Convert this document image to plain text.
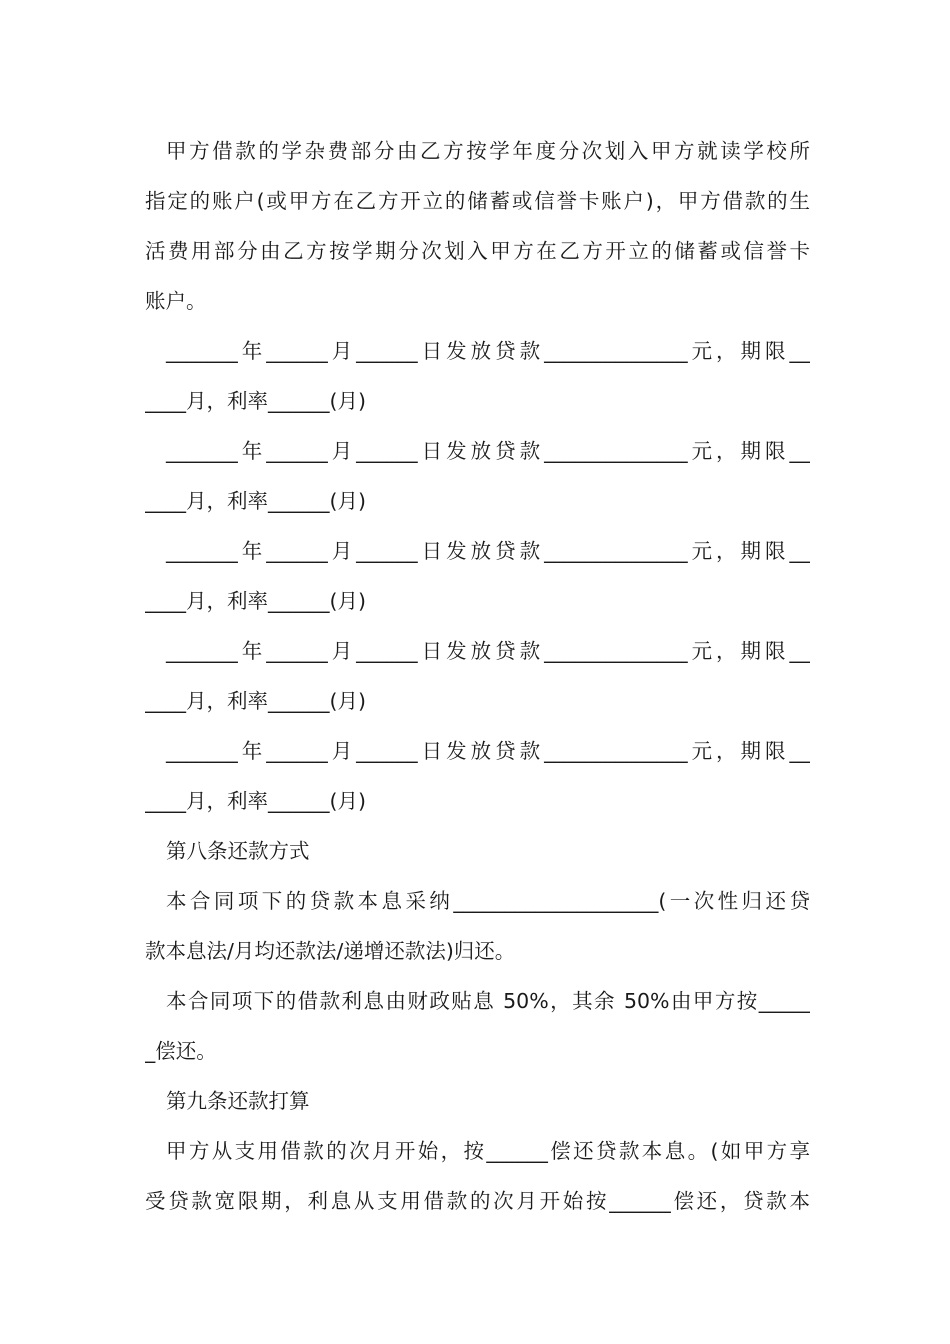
甲方借款的学杂费部分由乙方按学年度分次划入甲方就读学校所
指定的账户(或甲方在乙方开立的储蓄或信誉卡账户)，甲方借款的生
活费用部分由乙方按学期分次划入甲方在乙方开立的储蓄或信誉卡
账户。
_______年______月______日发放贷款______________元，期限__
____月，利率______(月)
_______年______月______日发放贷款______________元，期限__
____月，利率______(月)
_______年______月______日发放贷款______________元，期限__
____月，利率______(月)
_______年______月______日发放贷款______________元，期限__
____月，利率______(月)
_______年______月______日发放贷款______________元，期限__
____月，利率______(月)
第八条还款方式
本合同项下的贷款本息采纳____________________(一次性归还贷
款本息法/月均还款法/递增还款法)归还。
本合同项下的借款利息由财政贴息 50%，其余 50%由甲方按_____
_偿还。
第九条还款打算
甲方从支用借款的次月开始，按______偿还贷款本息。(如甲方享
受贷款宽限期，利息从支用借款的次月开始按______偿还，贷款本
